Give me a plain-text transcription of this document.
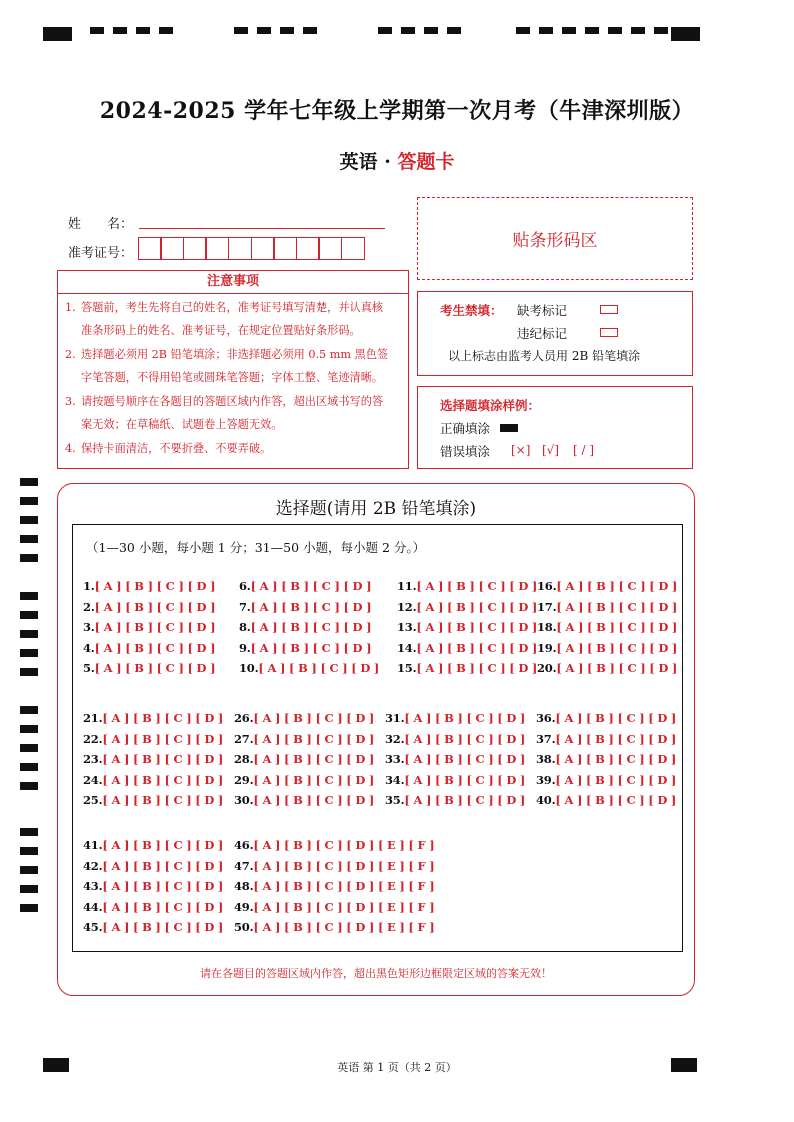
2024-2025 学年七年级上学期第一次月考（牛津深圳版）
英语 · 答题卡
姓　　名：
准考证号：
贴条形码区
注意事项
1. 答题前，考生先将自己的姓名，准考证号填写清楚，并认真核
准条形码上的姓名、准考证号，在规定位置贴好条形码。
2. 选择题必须用 2B 铅笔填涂；非选择题必须用 0.5 mm 黑色签
字笔答题，不得用铅笔或圆珠笔答题；字体工整、笔迹清晰。
3. 请按题号顺序在各题目的答题区域内作答，超出区域书写的答
案无效；在草稿纸、试题卷上答题无效。
4. 保持卡面清洁，不要折叠、不要弄破。
考生禁填： 缺考标记
违纪标记
以上标志由监考人员用 2B 铅笔填涂
选择题填涂样例：
正确填涂
错误填涂 [×] [√] [ / ]
选择题(请用 2B 铅笔填涂)
（1—30 小题，每小题 1 分；31—50 小题，每小题 2 分。）
1.[ A ] [ B ] [ C ] [ D ]
2.[ A ] [ B ] [ C ] [ D ]
3.[ A ] [ B ] [ C ] [ D ]
4.[ A ] [ B ] [ C ] [ D ]
5.[ A ] [ B ] [ C ] [ D ]
6.[ A ] [ B ] [ C ] [ D ]
7.[ A ] [ B ] [ C ] [ D ]
8.[ A ] [ B ] [ C ] [ D ]
9.[ A ] [ B ] [ C ] [ D ]
10.[ A ] [ B ] [ C ] [ D ]
11.[ A ] [ B ] [ C ] [ D ]
12.[ A ] [ B ] [ C ] [ D ]
13.[ A ] [ B ] [ C ] [ D ]
14.[ A ] [ B ] [ C ] [ D ]
15.[ A ] [ B ] [ C ] [ D ]
16.[ A ] [ B ] [ C ] [ D ]
17.[ A ] [ B ] [ C ] [ D ]
18.[ A ] [ B ] [ C ] [ D ]
19.[ A ] [ B ] [ C ] [ D ]
20.[ A ] [ B ] [ C ] [ D ]
21.[ A ] [ B ] [ C ] [ D ]
22.[ A ] [ B ] [ C ] [ D ]
23.[ A ] [ B ] [ C ] [ D ]
24.[ A ] [ B ] [ C ] [ D ]
25.[ A ] [ B ] [ C ] [ D ]
26.[ A ] [ B ] [ C ] [ D ]
27.[ A ] [ B ] [ C ] [ D ]
28.[ A ] [ B ] [ C ] [ D ]
29.[ A ] [ B ] [ C ] [ D ]
30.[ A ] [ B ] [ C ] [ D ]
31.[ A ] [ B ] [ C ] [ D ]
32.[ A ] [ B ] [ C ] [ D ]
33.[ A ] [ B ] [ C ] [ D ]
34.[ A ] [ B ] [ C ] [ D ]
35.[ A ] [ B ] [ C ] [ D ]
36.[ A ] [ B ] [ C ] [ D ]
37.[ A ] [ B ] [ C ] [ D ]
38.[ A ] [ B ] [ C ] [ D ]
39.[ A ] [ B ] [ C ] [ D ]
40.[ A ] [ B ] [ C ] [ D ]
41.[ A ] [ B ] [ C ] [ D ]
42.[ A ] [ B ] [ C ] [ D ]
43.[ A ] [ B ] [ C ] [ D ]
44.[ A ] [ B ] [ C ] [ D ]
45.[ A ] [ B ] [ C ] [ D ]
46.[ A ] [ B ] [ C ] [ D ] [ E ] [ F ]
47.[ A ] [ B ] [ C ] [ D ] [ E ] [ F ]
48.[ A ] [ B ] [ C ] [ D ] [ E ] [ F ]
49.[ A ] [ B ] [ C ] [ D ] [ E ] [ F ]
50.[ A ] [ B ] [ C ] [ D ] [ E ] [ F ]
请在各题目的答题区域内作答，超出黑色矩形边框限定区域的答案无效！
英语 第 1 页（共 2 页）
